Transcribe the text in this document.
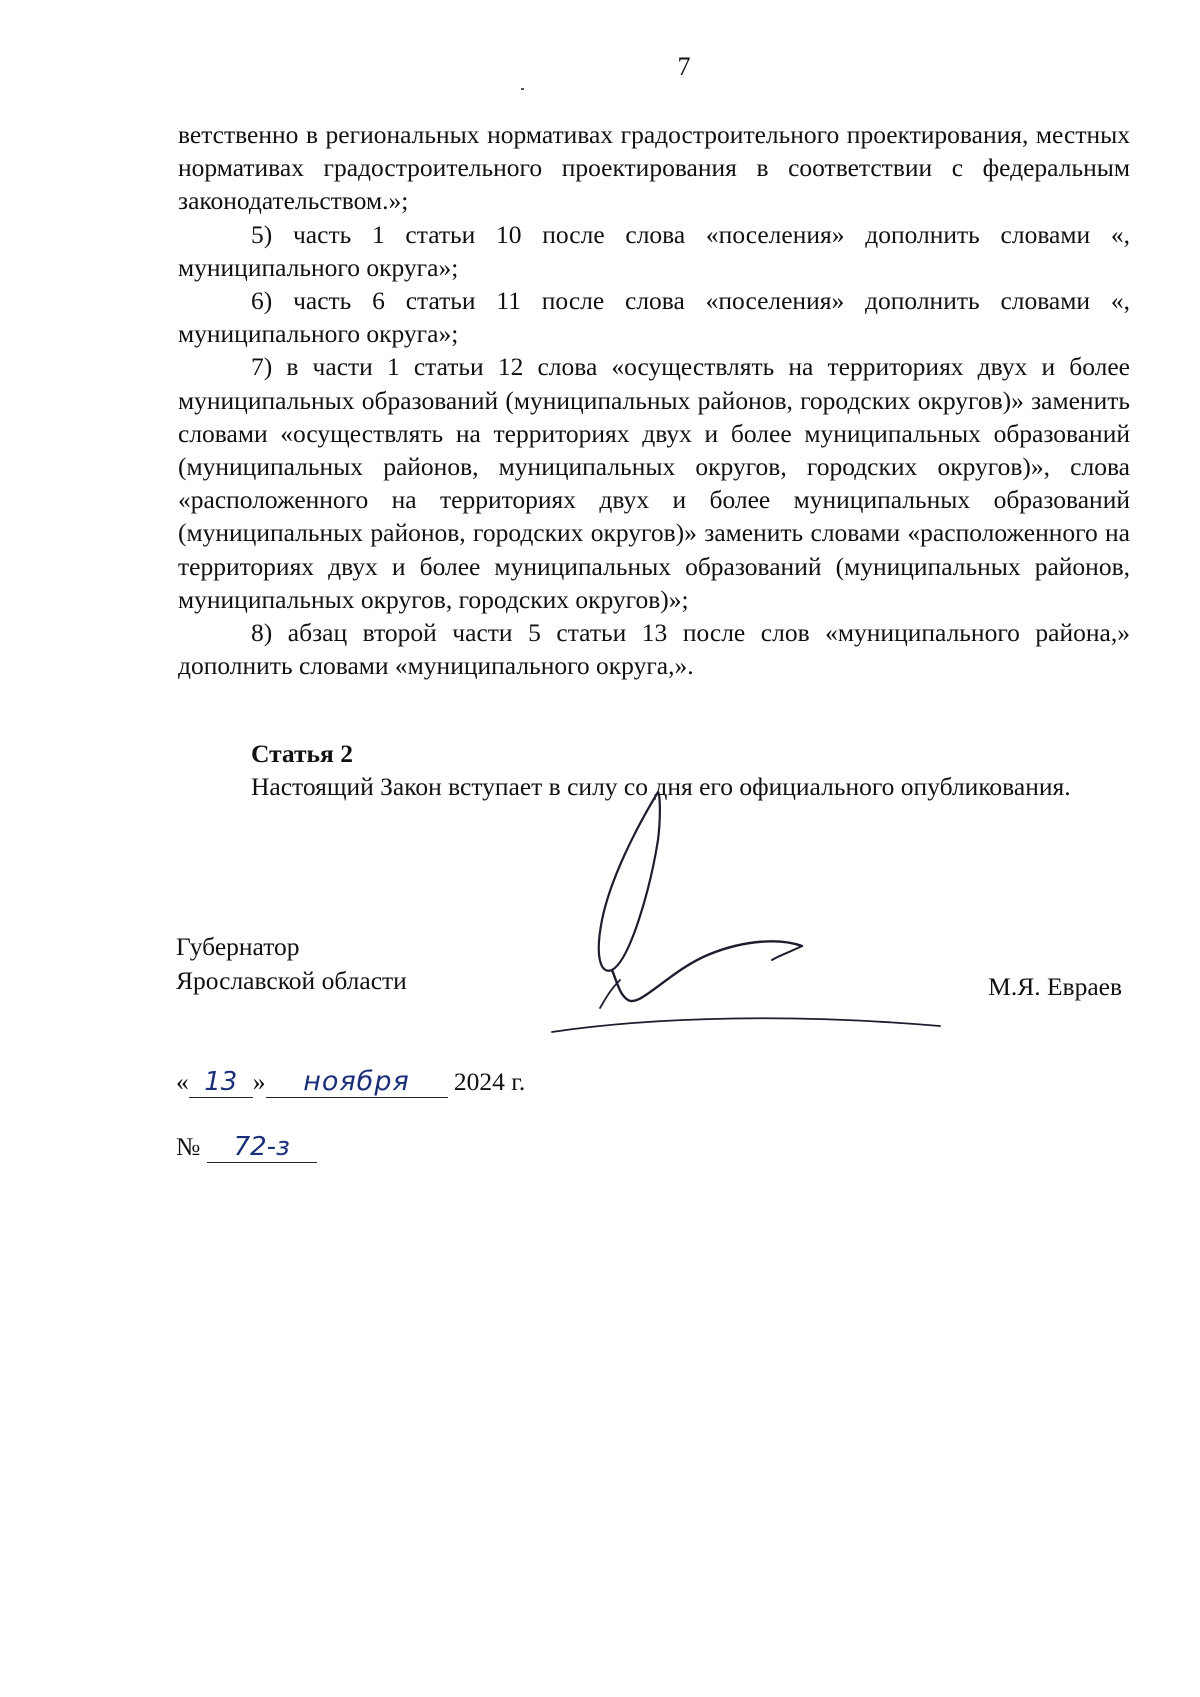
7

ветственно в региональных нормативах градостроительного проектирования, местных нормативах градостроительного проектирования в соответствии с федеральным законодательством.»;

5) часть 1 статьи 10 после слова «поселения» дополнить словами «, муниципального округа»;

6) часть 6 статьи 11 после слова «поселения» дополнить словами «, муниципального округа»;

7) в части 1 статьи 12 слова «осуществлять на территориях двух и более муниципальных образований (муниципальных районов, городских округов)» заменить словами «осуществлять на территориях двух и более муниципальных образований (муниципальных районов, муниципальных округов, городских округов)», слова «расположенного на территориях двух и более муниципальных образований (муниципальных районов, городских округов)» заменить словами «расположенного на территориях двух и более муниципальных образований (муниципальных районов, муниципальных округов, городских округов)»;

8) абзац второй части 5 статьи 13 после слов «муниципального района,» дополнить словами «муниципального округа,».

Статья 2

Настоящий Закон вступает в силу со дня его официального опубликования.

Губернатор
Ярославской области	М.Я. Евраев
« 13 » ноября 2024 г.
№ 72-з
